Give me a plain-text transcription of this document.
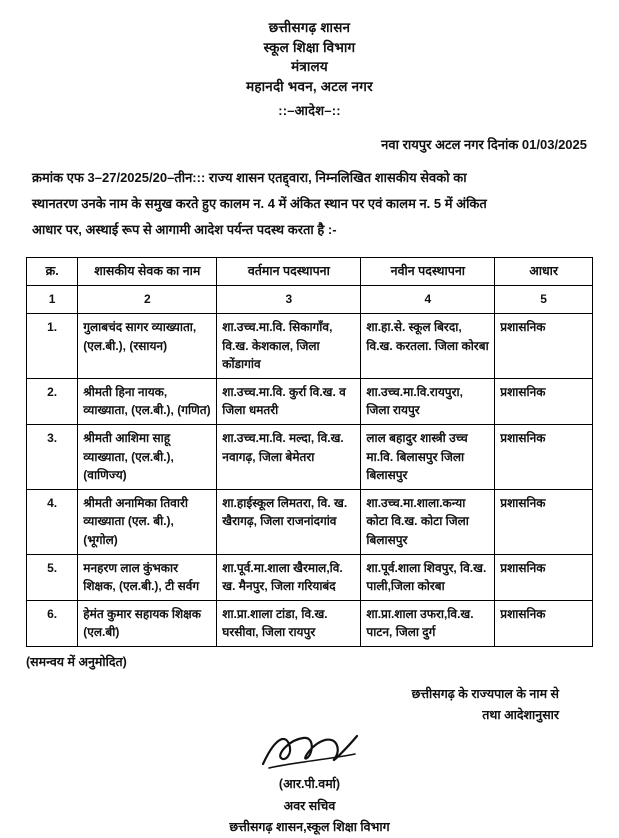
छत्तीसगढ़ शासन
स्कूल शिक्षा विभाग
मंत्रालय
महानदी भवन, अटल नगर
::–आदेश–::
नवा रायपुर अटल नगर दिनांक 01/03/2025
क्रमांक एफ 3–27/2025/20–तीन::: राज्य शासन एतद्द्वारा, निम्नलिखित शासकीय सेवको का
स्थानतरण उनके नाम के समुख करते हुए कालम न. 4 में अंकित स्थान पर एवं कालम न. 5 में अंकित
आधार पर, अस्थाई रूप से आगामी आदेश पर्यन्त पदस्थ करता है :-
क्र.	शासकीय सेवक का नाम	वर्तमान पदस्थापना	नवीन पदस्थापना	आधार
1	2	3	4	5
1.	गुलाबचंद सागर व्याख्याता, (एल.बी.), (रसायन)	शा.उच्च.मा.वि. सिकागाँव, वि.ख. केशकाल, जिला कोंडागांव	शा.हा.से. स्कूल बिरदा, वि.ख. करतला. जिला कोरबा	प्रशासनिक
2.	श्रीमती हिना नायक, व्याख्याता, (एल.बी.), (गणित)	शा.उच्च.मा.वि. कुर्रा वि.ख. व जिला धमतरी	शा.उच्च.मा.वि.रायपुरा, जिला रायपुर	प्रशासनिक
3.	श्रीमती आशिमा साहू व्याख्याता, (एल.बी.), (वाणिज्य)	शा.उच्च.मा.वि. मल्दा, वि.ख. नवागढ़, जिला बेमेतरा	लाल बहादुर शास्त्री उच्च मा.वि. बिलासपुर जिला बिलासपुर	प्रशासनिक
4.	श्रीमती अनामिका तिवारी व्याख्याता (एल. बी.), (भूगोल)	शा.हाईस्कूल लिमतरा, वि. ख. खैरागढ़, जिला राजनांदगांव	शा.उच्च.मा.शाला.कन्या कोटा वि.ख. कोटा जिला बिलासपुर	प्रशासनिक
5.	मनहरण लाल कुंभकार शिक्षक, (एल.बी.), टी सर्वग	शा.पूर्व.मा.शाला खैरमाल,वि. ख. मैनपुर, जिला गरियाबंद	शा.पूर्व.शाला शिवपुर, वि.ख. पाली,जिला कोरबा	प्रशासनिक
6.	हेमंत कुमार सहायक शिक्षक (एल.बी)	शा.प्रा.शाला टांडा, वि.ख. घरसीवा, जिला रायपुर	शा.प्रा.शाला उफरा,वि.ख. पाटन, जिला दुर्ग	प्रशासनिक
(समन्वय में अनुमोदित)
छत्तीसगढ़ के राज्यपाल के नाम से
तथा आदेशानुसार
(आर.पी.वर्मा)
अवर सचिव
छत्तीसगढ़ शासन,स्कूल शिक्षा विभाग
